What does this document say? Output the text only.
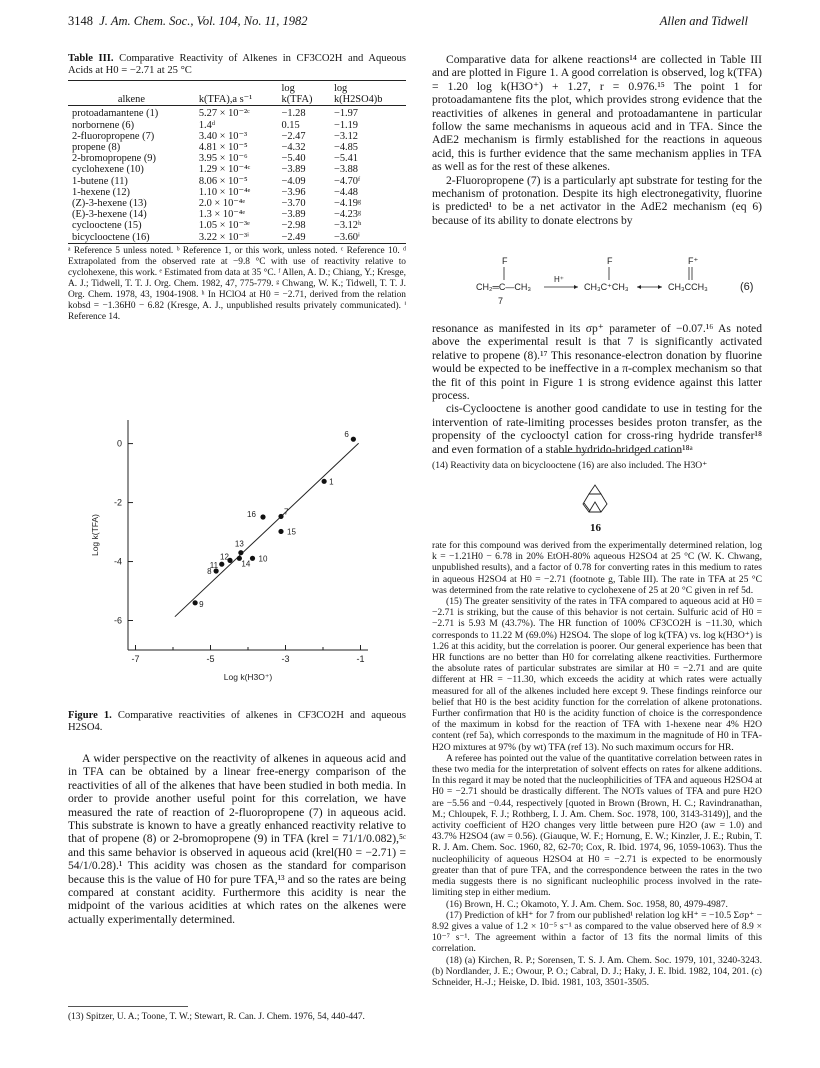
3148 J. Am. Chem. Soc., Vol. 104, No. 11, 1982	Allen and Tidwell
Table III. Comparative Reactivity of Alkenes in CF3CO2H and Aqueous Acids at H0 = −2.71 at 25 °C

		log	log
alkene	k(TFA),a s⁻¹	k(TFA)	k(H2SO4)b

protoadamantene (1)	5.27 × 10⁻²ᶜ	−1.28	−1.97
norbornene (6)	1.4ᵈ	0.15	−1.19
2-fluoropropene (7)	3.40 × 10⁻³	−2.47	−3.12
propene (8)	4.81 × 10⁻⁵	−4.32	−4.85
2-bromopropene (9)	3.95 × 10⁻⁶	−5.40	−5.41
cyclohexene (10)	1.29 × 10⁻⁴ᶜ	−3.89	−3.88
1-butene (11)	8.06 × 10⁻⁵	−4.09	−4.70ᶠ
1-hexene (12)	1.10 × 10⁻⁴ᵉ	−3.96	−4.48
(Z)-3-hexene (13)	2.0 × 10⁻⁴ᵉ	−3.70	−4.19ᵍ
(E)-3-hexene (14)	1.3 × 10⁻⁴ᵉ	−3.89	−4.23ᵍ
cyclooctene (15)	1.05 × 10⁻³ᵉ	−2.98	−3.12ʰ
bicyclooctene (16)	3.22 × 10⁻³ⁱ	−2.49	−3.60ⁱ

ᵃ Reference 5 unless noted. ᵇ Reference 1, or this work, unless noted. ᶜ Reference 10. ᵈ Extrapolated from the observed rate at −9.8 °C with use of reactivity relative to cyclohexene, this work. ᵉ Estimated from data at 35 °C. ᶠ Allen, A. D.; Chiang, Y.; Kresge, A. J.; Tidwell, T. T. J. Org. Chem. 1982, 47, 775-779. ᵍ Chwang, W. K.; Tidwell, T. T. J. Org. Chem. 1978, 43, 1904-1908. ʰ In HClO4 at H0 = −2.71, derived from the relation kobsd = −1.36H0 − 6.82 (Kresge, A. J., unpublished results privately communicated). ⁱ Reference 14.
-7	-5	-3	-1
0
-2
-4
-6
Log k(H3O⁺)
Log k(TFA)
1
6
7
8
9
10
11
12
13
14
15
16
Figure 1. Comparative reactivities of alkenes in CF3CO2H and aqueous H2SO4.

A wider perspective on the reactivity of alkenes in aqueous acid and in TFA can be obtained by a linear free-energy comparison of the reactivities of all of the alkenes that have been studied in both media. In order to provide another useful point for this correlation, we have measured the rate of reaction of 2-fluoropropene (7) in aqueous acid. This substrate is known to have a greatly enhanced reactivity relative to that of propene (8) or 2-bromopropene (9) in TFA (krel = 71/1/0.082),⁵ᶜ and this same behavior is observed in aqueous acid (krel(H0 = −2.71) = 54/1/0.28).¹ This acidity was chosen as the standard for comparison because this is the value of H0 for pure TFA,¹³ and so the rates are being compared at constant acidity. Furthermore this acidity is near the midpoint of the various acidities at which rates on the alkenes were actually experimentally determined.

(13) Spitzer, U. A.; Toone, T. W.; Stewart, R. Can. J. Chem. 1976, 54, 440-447.

Comparative data for alkene reactions¹⁴ are collected in Table III and are plotted in Figure 1. A good correlation is observed, log k(TFA) = 1.20 log k(H3O⁺) + 1.27, r = 0.976.¹⁵ The point 1 for protoadamantene fits the plot, which provides strong evidence that the reactivities of alkenes in general and protoadamantene in particular follow the same mechanisms in aqueous acid and in TFA. Since the AdE2 mechanism is firmly established for the reactions in aqueous acid, this is further evidence that the same mechanism applies in TFA as well as for the rest of these alkenes.

2-Fluoropropene (7) is a particularly apt substrate for testing for the mechanism of protonation. Despite its high electronegativity, fluorine is predicted¹ to be a net activator in the AdE2 mechanism (eq 6) because of its ability to donate electrons by

F
CH₂═C—CH₃
H⁺
F
CH₃C⁺CH₃
F⁺
CH₃CCH₃
7
(6)

resonance as manifested in its σp⁺ parameter of −0.07.¹⁶ As noted above the experimental result is that 7 is significantly activated relative to propene (8).¹⁷ This resonance-electron donation by fluorine would be expected to be ineffective in a π-complex mechanism so that the fit of this point in Figure 1 is strong evidence against this latter process.

cis-Cyclooctene is another good candidate to use in testing for the intervention of rate-limiting processes besides proton transfer, as the propensity of the cyclooctyl cation for cross-ring hydride transfer¹⁸ and even formation of a stable hydrido-bridged cation¹⁸ᵃ

(14) Reactivity data on bicyclooctene (16) are also included. The H3O⁺
16
rate for this compound was derived from the experimentally determined relation, log k = −1.21H0 − 6.78 in 20% EtOH-80% aqueous H2SO4 at 25 °C (W. K. Chwang, unpublished results), and a factor of 0.78 for converting rates in this medium to rates in aqueous H2SO4 at H0 = −2.71 (footnote g, Table III). The rate in TFA at 25 °C was determined from the rate relative to cyclohexene of 25 at 20 °C given in ref 5d.
(15) The greater sensitivity of the rates in TFA compared to aqueous acid at H0 = −2.71 is striking, but the cause of this behavior is not certain. Sulfuric acid of H0 = −2.71 is 5.93 M (43.7%). The HR function of 100% CF3CO2H is −11.30, which corresponds to 11.22 M (69.0%) H2SO4. The slope of log k(TFA) vs. log k(H3O⁺) is 1.26 at this acidity, but the correlation is poorer. Our general experience has been that HR functions are no better than H0 for correlating alkene reactivities. Furthermore the absolute rates of particular substrates are similar at H0 = −2.71 and are quite different at HR = −11.30, which exceeds the acidity at which rates were actually measured for all of the alkenes included here except 9. These findings reinforce our belief that H0 is the best acidity function for the correlation of alkene protonations. Further confirmation that H0 is the acidity function of choice is the correspondence of the maximum in kobsd for the reaction of TFA with 1-hexene near 4% H2O content (ref 5a), which corresponds to the maximum in the magnitude of H0 in TFA-H2O mixtures at 97% (by wt) TFA (ref 13). No such maximum occurs for HR.
A referee has pointed out the value of the quantitative correlation between rates in these two media for the interpretation of solvent effects on rates for alkene additions. In this regard it may be noted that the nucleophilicities of TFA and aqueous H2SO4 at H0 = −2.71 should be drastically different. The NOTs values of TFA and pure H2O are −5.56 and −0.44, respectively [quoted in Brown (Brown, H. C.; Ravindranathan, M.; Chloupek, F. J.; Rothberg, I. J. Am. Chem. Soc. 1978, 100, 3143-3149)], and the activity coefficient of H2O changes very little between pure H2O (aw = 1.0) and 43.7% H2SO4 (aw = 0.56). (Giauque, W. F.; Hornung, E. W.; Kinzler, J. E.; Rubin, T. R. J. Am. Chem. Soc. 1960, 82, 62-70; Cox, R. Ibid. 1974, 96, 1059-1063). Thus the nucleophilicity of aqueous H2SO4 at H0 = −2.71 is expected to be enormously greater than that of pure TFA, and the correspondence between the rates in the two media suggests there is no significant nucleophilic process involved in the rate-limiting step in either medium.
(16) Brown, H. C.; Okamoto, Y. J. Am. Chem. Soc. 1958, 80, 4979-4987.
(17) Prediction of kH⁺ for 7 from our published¹ relation log kH⁺ = −10.5 Σσp⁺ − 8.92 gives a value of 1.2 × 10⁻⁵ s⁻¹ as compared to the value observed here of 8.9 × 10⁻⁷ s⁻¹. The agreement within a factor of 13 fits the normal limits of this correlation.
(18) (a) Kirchen, R. P.; Sorensen, T. S. J. Am. Chem. Soc. 1979, 101, 3240-3243. (b) Nordlander, J. E.; Owour, P. O.; Cabral, D. J.; Haky, J. E. Ibid. 1982, 104, 201. (c) Schneider, H.-J.; Heiske, D. Ibid. 1981, 103, 3501-3505.
